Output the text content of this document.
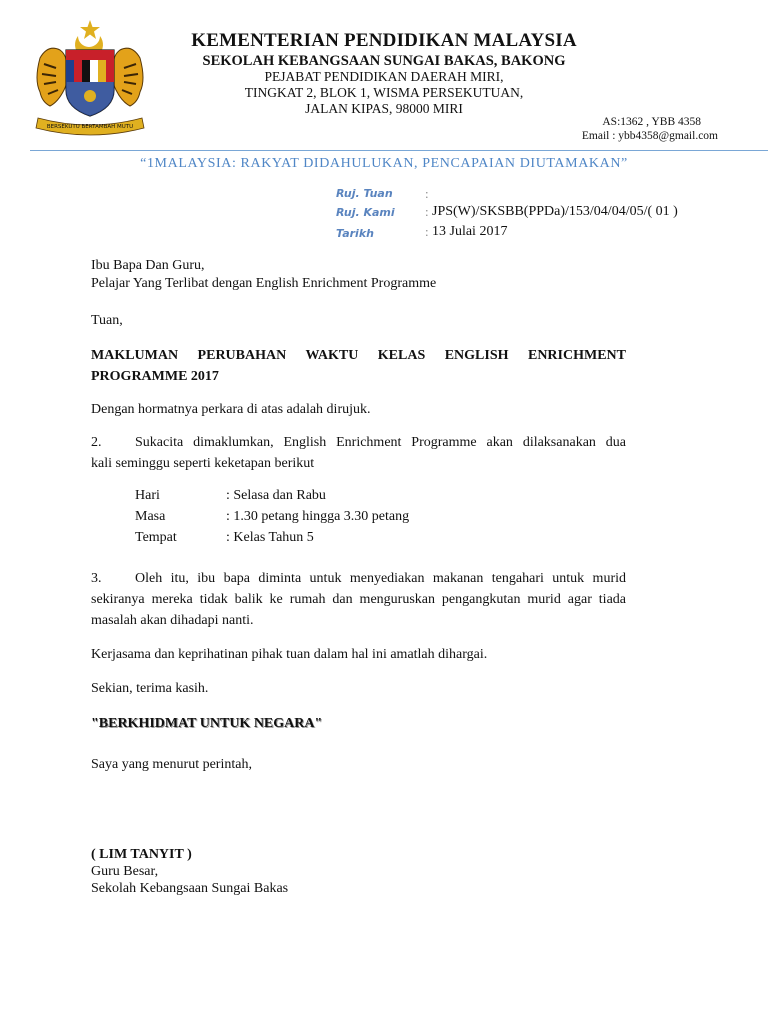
BERSEKUTU BERTAMBAH MUTU
KEMENTERIAN PENDIDIKAN MALAYSIA
SEKOLAH KEBANGSAAN SUNGAI BAKAS, BAKONG
PEJABAT PENDIDIKAN DAERAH MIRI,
TINGKAT 2, BLOK 1, WISMA PERSEKUTUAN,
JALAN KIPAS, 98000 MIRI
AS:1362 , YBB 4358
Email : ybb4358@gmail.com
“1MALAYSIA: RAKYAT DIDAHULUKAN, PENCAPAIAN DIUTAMAKAN”
Ruj. Tuan :
Ruj. Kami : JPS(W)/SKSBB(PPDa)/153/04/04/05/( 01 )
Tarikh	: 13 Julai 2017
Ibu Bapa Dan Guru,
Pelajar Yang Terlibat dengan English Enrichment Programme
Tuan,
MAKLUMAN PERUBAHAN WAKTU KELAS ENGLISH ENRICHMENT
PROGRAMME 2017
Dengan hormatnya perkara di atas adalah dirujuk.
2. Sukacita dimaklumkan, English Enrichment Programme akan dilaksanakan dua
kali seminggu seperti keketapan berikut
Hari	: Selasa dan Rabu
Masa	: 1.30 petang hingga 3.30 petang
Tempat	: Kelas Tahun 5
3. Oleh itu, ibu bapa diminta untuk menyediakan makanan tengahari untuk murid
sekiranya mereka tidak balik ke rumah dan menguruskan pengangkutan murid agar tiada
masalah akan dihadapi nanti.
Kerjasama dan keprihatinan pihak tuan dalam hal ini amatlah dihargai.
Sekian, terima kasih.
"BERKHIDMAT UNTUK NEGARA"
Saya yang menurut perintah,
( LIM TANYIT )
Guru Besar,
Sekolah Kebangsaan Sungai Bakas
